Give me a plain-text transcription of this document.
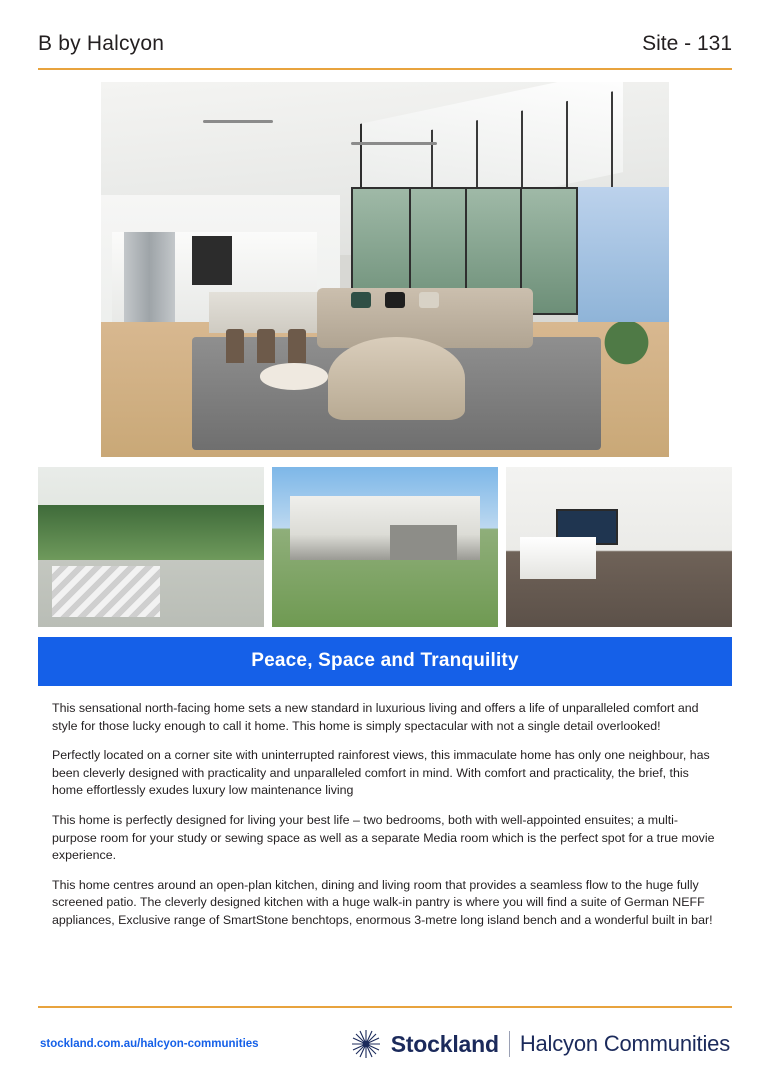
B by Halcyon	Site - 131
Peace, Space and Tranquility

This sensational north-facing home sets a new standard in luxurious living and offers a life of unparalleled comfort and style for those lucky enough to call it home. This home is simply spectacular with not a single detail overlooked!

Perfectly located on a corner site with uninterrupted rainforest views, this immaculate home has only one neighbour, has been cleverly designed with practicality and unparalleled comfort in mind. With comfort and practicality, the brief, this home effortlessly exudes luxury low maintenance living

This home is perfectly designed for living your best life – two bedrooms, both with well-appointed ensuites; a multi-purpose room for your study or sewing space as well as a separate Media room which is the perfect spot for a true movie experience.

This home centres around an open-plan kitchen, dining and living room that provides a seamless flow to the huge fully screened patio. The cleverly designed kitchen with a huge walk-in pantry is where you will find a suite of German NEFF appliances, Exclusive range of SmartStone benchtops, enormous 3-metre long island bench and a wonderful built in bar!

stockland.com.au/halcyon-communities	Stockland Halcyon Communities
